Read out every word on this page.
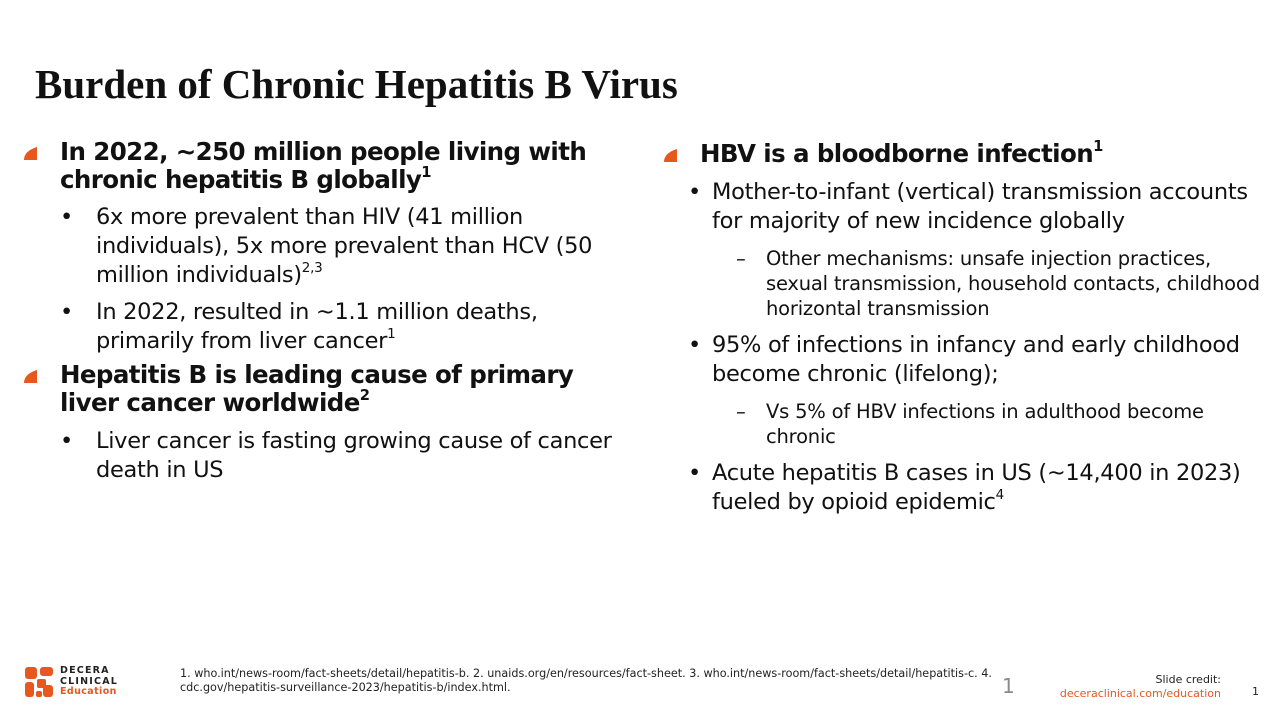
Burden of Chronic Hepatitis B Virus
In 2022, ~250 million people living with chronic hepatitis B globally$^1$
• 6x more prevalent than HIV (41 million individuals), 5x more prevalent than HCV (50 million individuals)$^{2,3}$
• In 2022, resulted in ~1.1 million deaths, primarily from liver cancer$^1$
Hepatitis B is leading cause of primary liver cancer worldwide$^2$
• Liver cancer is fasting growing cause of cancer death in US
HBV is a bloodborne infection$^1$
• Mother-to-infant (vertical) transmission accounts for majority of new incidence globally
– Other mechanisms: unsafe injection practices, sexual transmission, household contacts, childhood horizontal transmission
• 95% of infections in infancy and early childhood become chronic (lifelong);
– Vs 5% of HBV infections in adulthood become chronic
• Acute hepatitis B cases in US (~14,400 in 2023) fueled by opioid epidemic$^4$
DECERA
CLINICAL
Education
1. who.int/news-room/fact-sheets/detail/hepatitis-b. 2. unaids.org/en/resources/fact-sheet. 3. who.int/news-room/fact-sheets/detail/hepatitis-c. 4. cdc.gov/hepatitis-surveillance-2023/hepatitis-b/index.html.	1	Slide credit:
deceraclinical.com/education	1
